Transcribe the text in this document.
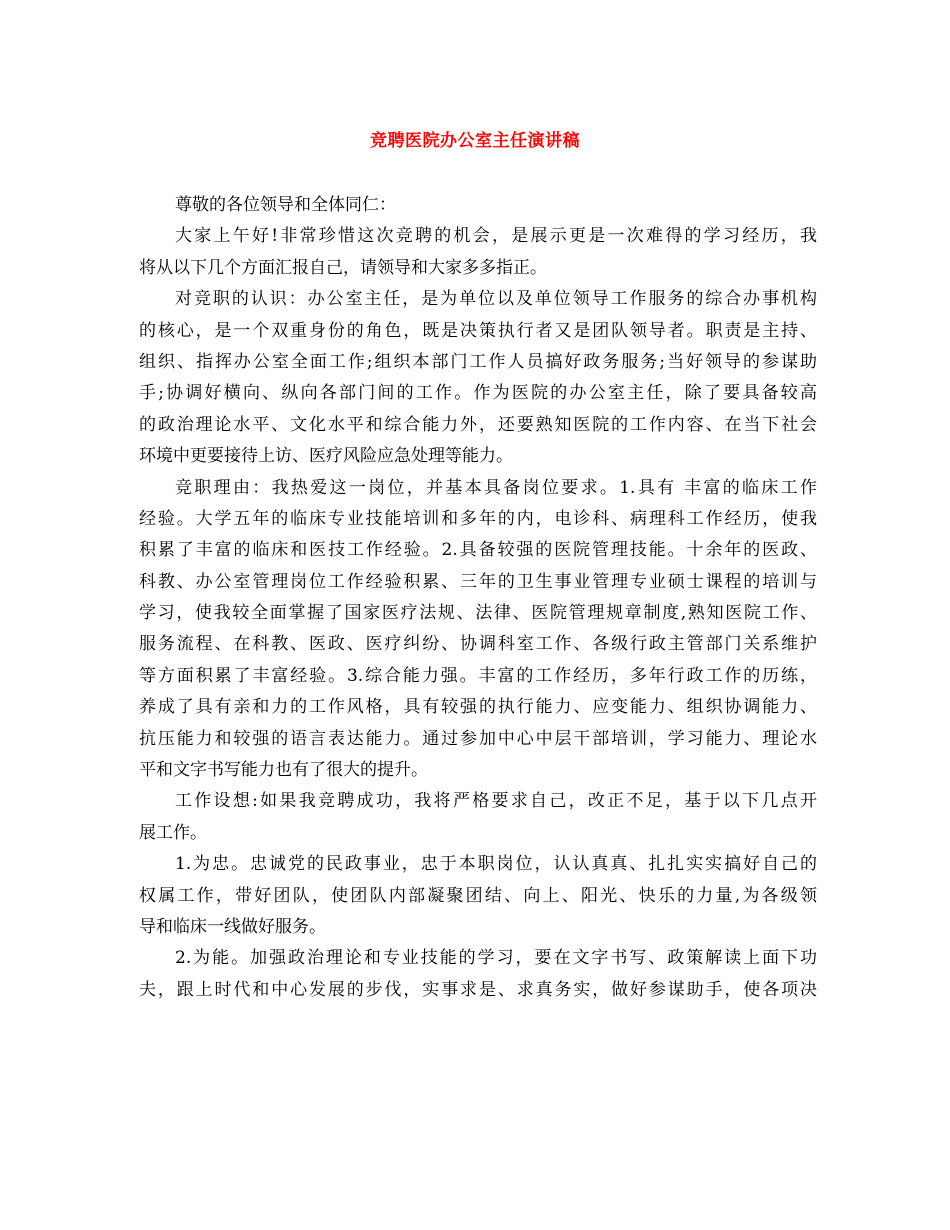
竞聘医院办公室主任演讲稿
尊敬的各位领导和全体同仁：
大家上午好!非常珍惜这次竞聘的机会，是展示更是一次难得的学习经历，我
将从以下几个方面汇报自己，请领导和大家多多指正。
对竞职的认识：办公室主任，是为单位以及单位领导工作服务的综合办事机构
的核心，是一个双重身份的角色，既是决策执行者又是团队领导者。职责是主持、
组织、指挥办公室全面工作;组织本部门工作人员搞好政务服务;当好领导的参谋助
手;协调好横向、纵向各部门间的工作。作为医院的办公室主任，除了要具备较高
的政治理论水平、文化水平和综合能力外，还要熟知医院的工作内容、在当下社会
环境中更要接待上访、医疗风险应急处理等能力。
竞职理由：我热爱这一岗位，并基本具备岗位要求。1.具有 丰富的临床工作
经验。大学五年的临床专业技能培训和多年的内，电诊科、病理科工作经历，使我
积累了丰富的临床和医技工作经验。2.具备较强的医院管理技能。十余年的医政、
科教、办公室管理岗位工作经验积累、三年的卫生事业管理专业硕士课程的培训与
学习，使我较全面掌握了国家医疗法规、法律、医院管理规章制度,熟知医院工作、
服务流程、在科教、医政、医疗纠纷、协调科室工作、各级行政主管部门关系维护
等方面积累了丰富经验。3.综合能力强。丰富的工作经历，多年行政工作的历练，
养成了具有亲和力的工作风格，具有较强的执行能力、应变能力、组织协调能力、
抗压能力和较强的语言表达能力。通过参加中心中层干部培训，学习能力、理论水
平和文字书写能力也有了很大的提升。
工作设想:如果我竞聘成功，我将严格要求自己，改正不足，基于以下几点开
展工作。
1.为忠。忠诚党的民政事业，忠于本职岗位，认认真真、扎扎实实搞好自己的
权属工作，带好团队，使团队内部凝聚团结、向上、阳光、快乐的力量,为各级领
导和临床一线做好服务。
2.为能。加强政治理论和专业技能的学习，要在文字书写、政策解读上面下功
夫，跟上时代和中心发展的步伐，实事求是、求真务实，做好参谋助手，使各项决
